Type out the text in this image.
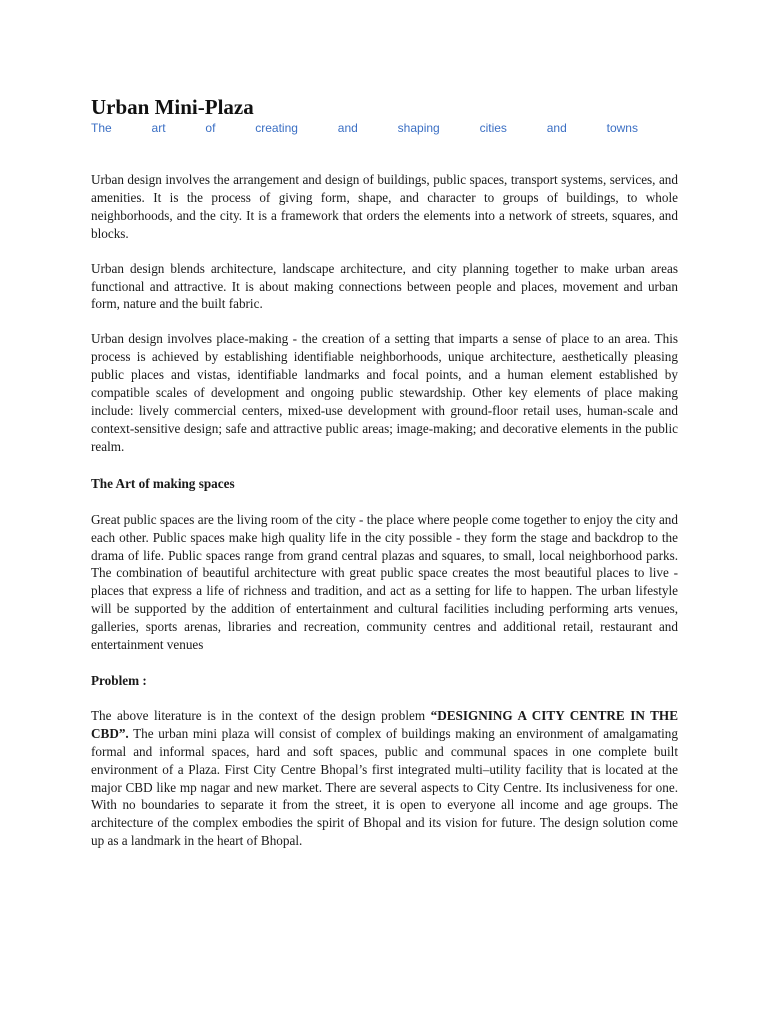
Urban Mini-Plaza
The	art	of	creating	and	shaping	cities	and	towns

Urban design involves the arrangement and design of buildings, public spaces, transport systems, services, and amenities. It is the process of giving form, shape, and character to groups of buildings, to whole neighborhoods, and the city. It is a framework that orders the elements into a network of streets, squares, and blocks.

Urban design blends architecture, landscape architecture, and city planning together to make urban areas functional and attractive. It is about making connections between people and places, movement and urban form, nature and the built fabric.

Urban design involves place-making - the creation of a setting that imparts a sense of place to an area. This process is achieved by establishing identifiable neighborhoods, unique architecture, aesthetically pleasing public places and vistas, identifiable landmarks and focal points, and a human element established by compatible scales of development and ongoing public stewardship. Other key elements of place making include: lively commercial centers, mixed-use development with ground-floor retail uses, human-scale and context-sensitive design; safe and attractive public areas; image-making; and decorative elements in the public realm.

The Art of making spaces

Great public spaces are the living room of the city - the place where people come together to enjoy the city and each other. Public spaces make high quality life in the city possible - they form the stage and backdrop to the drama of life. Public spaces range from grand central plazas and squares, to small, local neighborhood parks. The combination of beautiful architecture with great public space creates the most beautiful places to live - places that express a life of richness and tradition, and act as a setting for life to happen. The urban lifestyle will be supported by the addition of entertainment and cultural facilities including performing arts venues, galleries, sports arenas, libraries and recreation, community centres and additional retail, restaurant and entertainment venues

Problem :

The above literature is in the context of the design problem “DESIGNING A CITY CENTRE IN THE CBD”. The urban mini plaza will consist of complex of buildings making an environment of amalgamating formal and informal spaces, hard and soft spaces, public and communal spaces in one complete built environment of a Plaza. First City Centre Bhopal’s first integrated multi–utility facility that is located at the major CBD like mp nagar and new market. There are several aspects to City Centre. Its inclusiveness for one. With no boundaries to separate it from the street, it is open to everyone all income and age groups. The architecture of the complex embodies the spirit of Bhopal and its vision for future. The design solution come up as a landmark in the heart of Bhopal.
